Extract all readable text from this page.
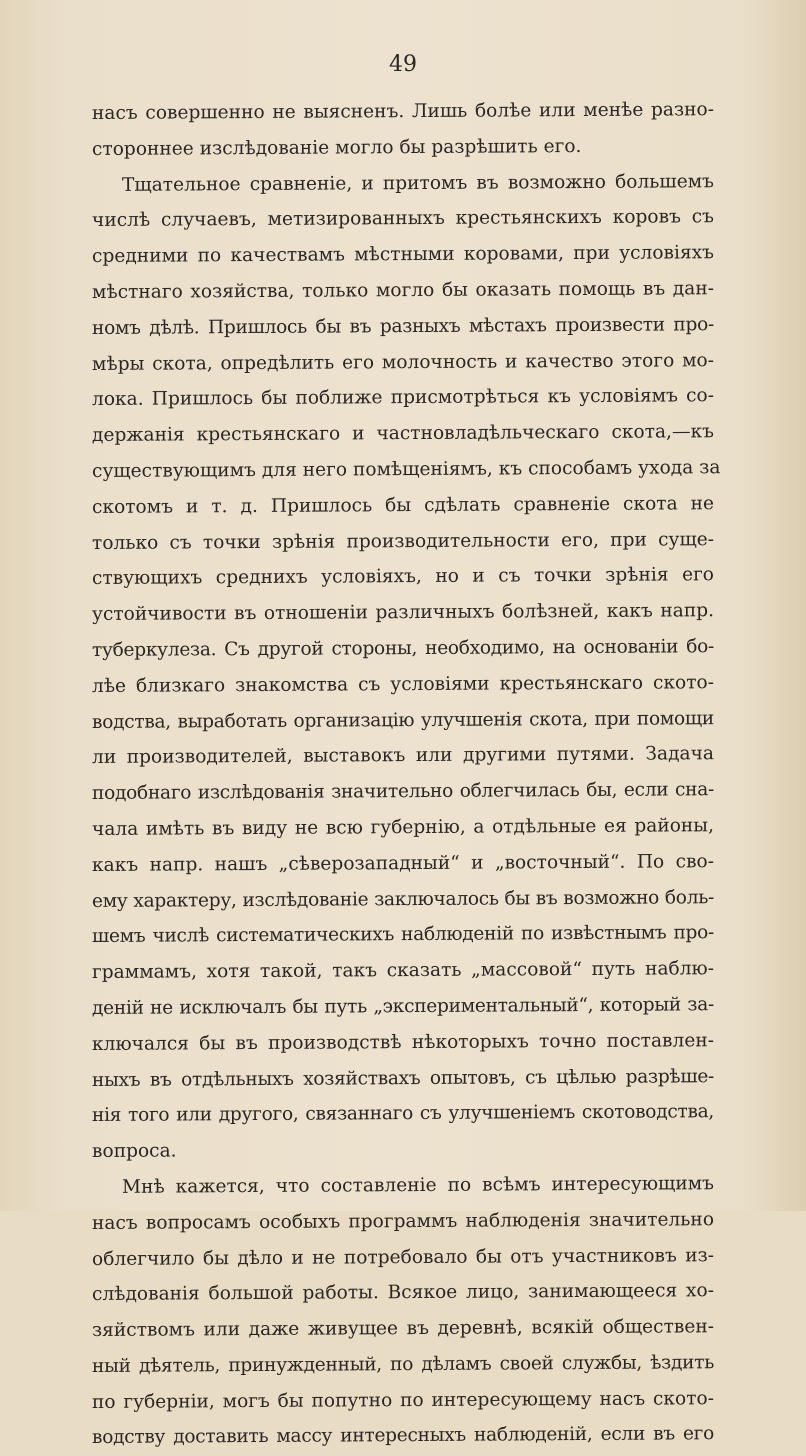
49
насъ совершенно не выясненъ. Лишь болѣе или менѣе разно-
стороннее изслѣдованіе могло бы разрѣшить его.
Тщательное сравненіе, и притомъ въ возможно большемъ
числѣ случаевъ, метизированныхъ крестьянскихъ коровъ съ
средними по качествамъ мѣстными коровами, при условіяхъ
мѣстнаго хозяйства, только могло бы оказать помощь въ дан-
номъ дѣлѣ. Пришлось бы въ разныхъ мѣстахъ произвести про-
мѣры скота, опредѣлить его молочность и качество этого мо-
лока. Пришлось бы поближе присмотрѣться къ условіямъ со-
держанія крестьянскаго и частновладѣльческаго скота,—къ
существующимъ для него помѣщеніямъ, къ способамъ ухода за
скотомъ и т. д. Пришлось бы сдѣлать сравненіе скота не
только съ точки зрѣнія производительности его, при суще-
ствующихъ среднихъ условіяхъ, но и съ точки зрѣнія его
устойчивости въ отношеніи различныхъ болѣзней, какъ напр.
туберкулеза. Съ другой стороны, необходимо, на основаніи бо-
лѣе близкаго знакомства съ условіями крестьянскаго ското-
водства, выработать организацію улучшенія скота, при помощи
ли производителей, выставокъ или другими путями. Задача
подобнаго изслѣдованія значительно облегчилась бы, если сна-
чала имѣть въ виду не всю губернію, а отдѣльные ея районы,
какъ напр. нашъ „сѣверозападный“ и „восточный“. По сво-
ему характеру, изслѣдованіе заключалось бы въ возможно боль-
шемъ числѣ систематическихъ наблюденій по извѣстнымъ про-
граммамъ, хотя такой, такъ сказать „массовой“ путь наблю-
деній не исключалъ бы путь „экспериментальный“, который за-
ключался бы въ производствѣ нѣкоторыхъ точно поставлен-
ныхъ въ отдѣльныхъ хозяйствахъ опытовъ, съ цѣлью разрѣше-
нія того или другого, связаннаго съ улучшеніемъ скотоводства,
вопроса.
Мнѣ кажется, что составленіе по всѣмъ интересующимъ
насъ вопросамъ особыхъ программъ наблюденія значительно
облегчило бы дѣло и не потребовало бы отъ участниковъ из-
слѣдованія большой работы. Всякое лицо, занимающееся хо-
зяйствомъ или даже живущее въ деревнѣ, всякій обществен-
ный дѣятель, принужденный, по дѣламъ своей службы, ѣздить
по губерніи, могъ бы попутно по интересующему насъ ското-
водству доставить массу интересныхъ наблюденій, если въ его
